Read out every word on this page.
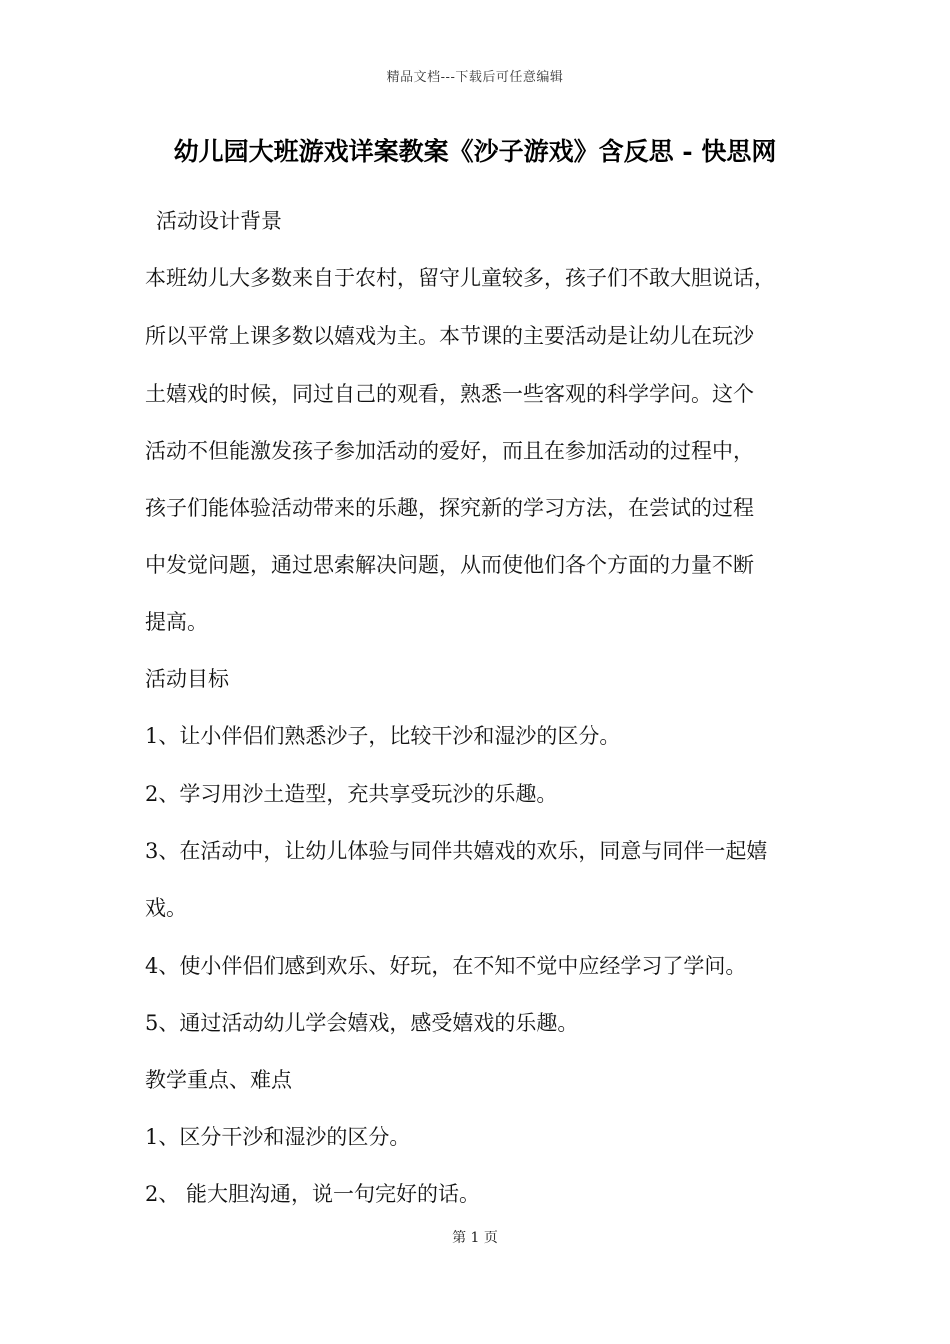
精品文档---下载后可任意编辑
幼儿园大班游戏详案教案《沙子游戏》含反思 - 快思网
活动设计背景
本班幼儿大多数来自于农村，留守儿童较多，孩子们不敢大胆说话，
所以平常上课多数以嬉戏为主。本节课的主要活动是让幼儿在玩沙
土嬉戏的时候，同过自己的观看，熟悉一些客观的科学学问。这个
活动不但能激发孩子参加活动的爱好，而且在参加活动的过程中，
孩子们能体验活动带来的乐趣，探究新的学习方法，在尝试的过程
中发觉问题，通过思索解决问题，从而使他们各个方面的力量不断
提高。
活动目标
1、让小伴侣们熟悉沙子，比较干沙和湿沙的区分。
2、学习用沙土造型，充共享受玩沙的乐趣。
3、在活动中，让幼儿体验与同伴共嬉戏的欢乐，同意与同伴一起嬉
戏。
4、使小伴侣们感到欢乐、好玩，在不知不觉中应经学习了学问。
5、通过活动幼儿学会嬉戏，感受嬉戏的乐趣。
教学重点、难点
1、区分干沙和湿沙的区分。
2、 能大胆沟通，说一句完好的话。
第 1 页
